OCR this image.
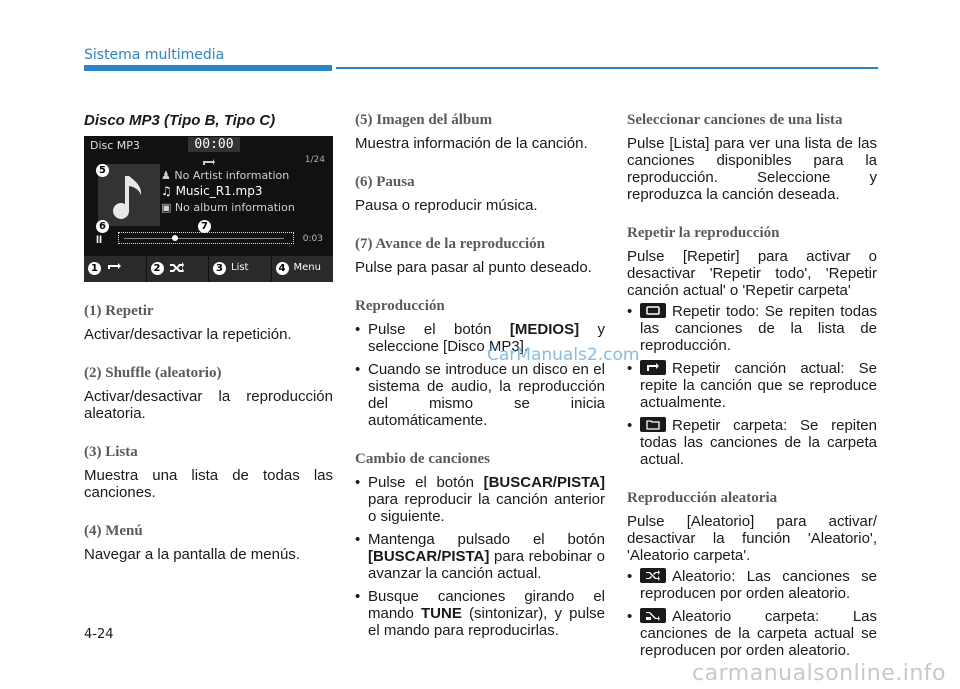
Sistema multimedia
Disco MP3 (Tipo B, Tipo C)
(1) Repetir

Activar/desactivar la repetición.

(2) Shuffle (aleatorio)

Activar/desactivar la reproducción aleatoria.

(3) Lista

Muestra una lista de todas las canciones.

(4) Menú

Navegar a la pantalla de menús.

Disc MP3	00:00
1/24
5	♟ No Artist information
♫ Music_R1.mp3
▣ No album information
6	7
II	0:03
1	2	3 List	4 Menu
(5) Imagen del álbum

Muestra información de la canción.

(6) Pausa

Pausa o reproducir música.

(7) Avance de la reproducción

Pulse para pasar al punto deseado.

Reproducción
• Pulse el botón [MEDIOS] y seleccione [Disco MP3].
• Cuando se introduce un disco en el sistema de audio, la reproducción del mismo se inicia automáticamente.
Cambio de canciones
• Pulse el botón [BUSCAR/PISTA] para reproducir la canción anterior o siguiente.
• Mantenga pulsado el botón [BUSCAR/PISTA] para rebobinar o avanzar la canción actual.
• Busque canciones girando el mando TUNE (sintonizar), y pulse el mando para reproducirlas.
Seleccionar canciones de una lista

Pulse [Lista] para ver una lista de las canciones disponibles para la reproducción. Seleccione y reproduzca la canción deseada.

Repetir la reproducción

Pulse [Repetir] para activar o desactivar 'Repetir todo', 'Repetir canción actual' o 'Repetir carpeta'

• Repetir todo: Se repiten todas las canciones de la lista de reproducción.
• Repetir canción actual: Se repite la canción que se reproduce actualmente.
• Repetir carpeta: Se repiten todas las canciones de la carpeta actual.
Reproducción aleatoria

Pulse [Aleatorio] para activar/ desactivar la función 'Aleatorio', 'Aleatorio carpeta'.

• Aleatorio: Las canciones se reproducen por orden aleatorio.
• Aleatorio carpeta: Las canciones de la carpeta actual se reproducen por orden aleatorio.
CarManuals2.com
4-24
carmanualsonline.info
